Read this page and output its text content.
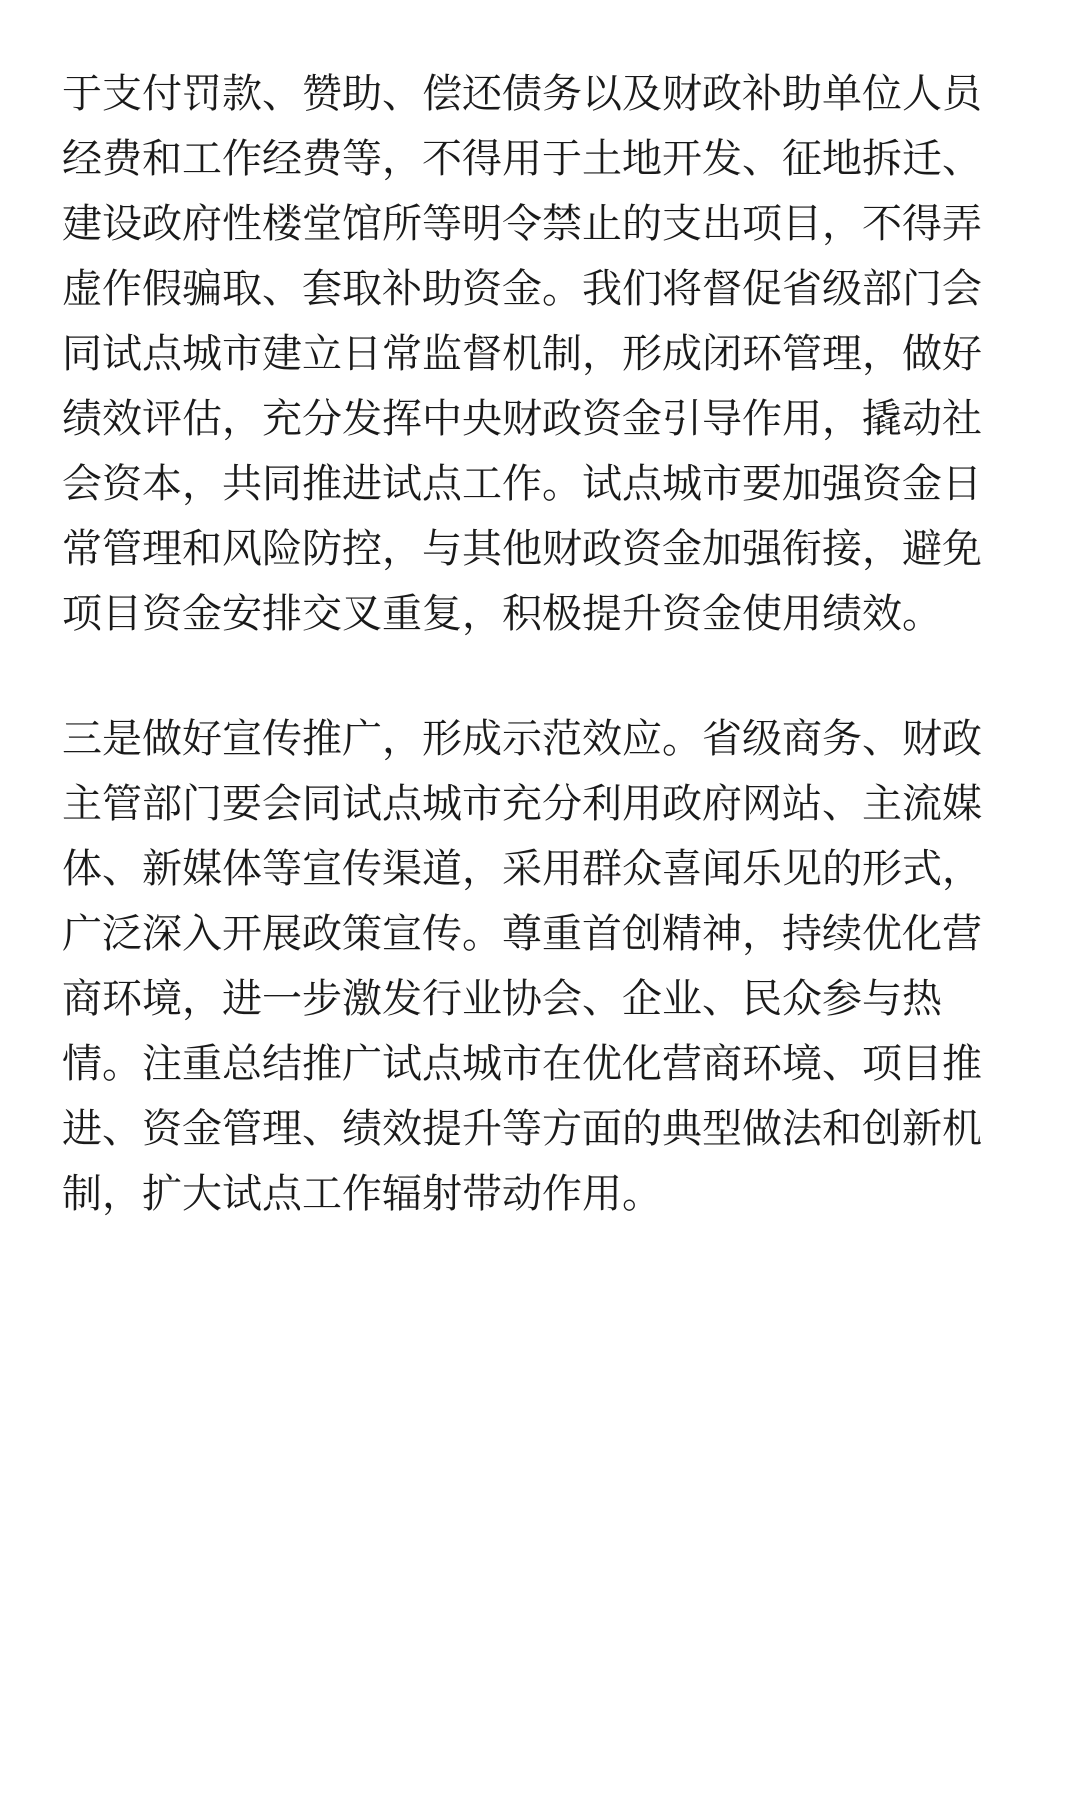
于支付罚款、赞助、偿还债务以及财政补助单位人员
经费和工作经费等，不得用于土地开发、征地拆迁、
建设政府性楼堂馆所等明令禁止的支出项目，不得弄
虚作假骗取、套取补助资金。我们将督促省级部门会
同试点城市建立日常监督机制，形成闭环管理，做好
绩效评估，充分发挥中央财政资金引导作用，撬动社
会资本，共同推进试点工作。试点城市要加强资金日
常管理和风险防控，与其他财政资金加强衔接，避免
项目资金安排交叉重复，积极提升资金使用绩效。
三是做好宣传推广，形成示范效应。省级商务、财政
主管部门要会同试点城市充分利用政府网站、主流媒
体、新媒体等宣传渠道，采用群众喜闻乐见的形式，
广泛深入开展政策宣传。尊重首创精神，持续优化营
商环境，进一步激发行业协会、企业、民众参与热
情。注重总结推广试点城市在优化营商环境、项目推
进、资金管理、绩效提升等方面的典型做法和创新机
制，扩大试点工作辐射带动作用。
